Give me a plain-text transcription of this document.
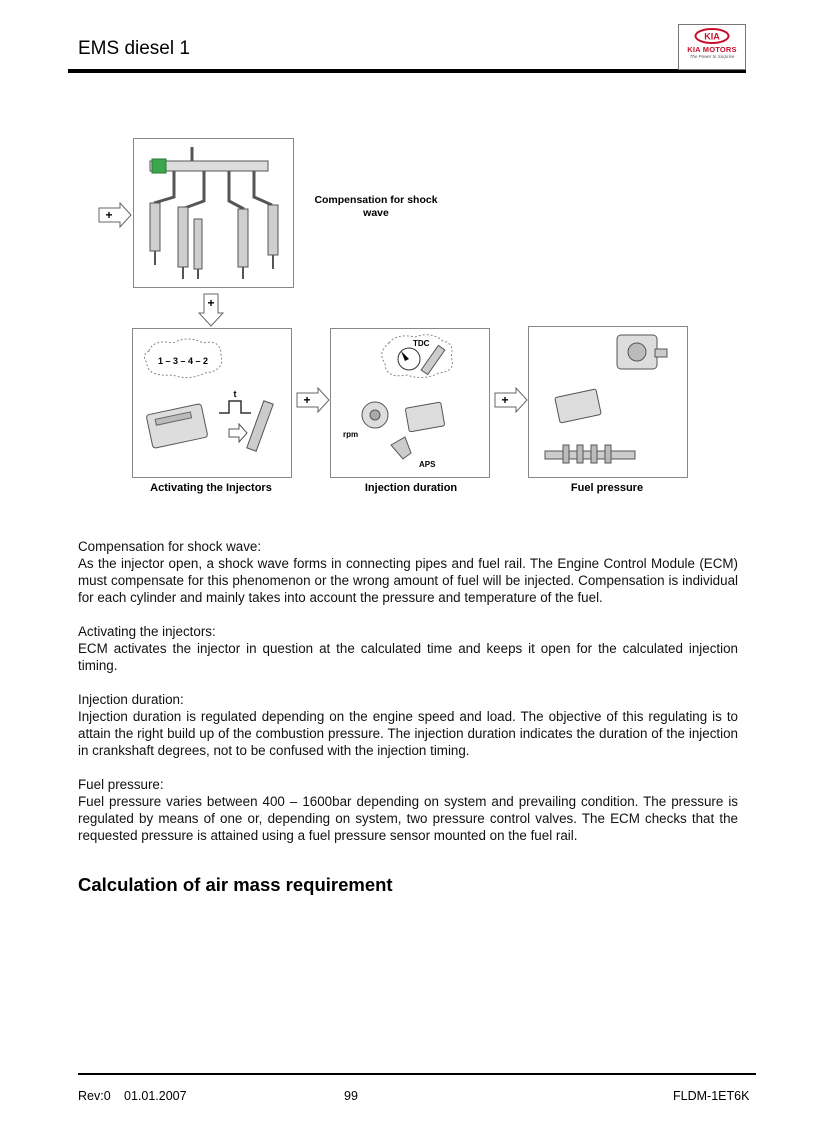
EMS diesel 1
KIA
KIA MOTORS
The Power to Surprise
Compensation for shock wave
+
+
+	+
1 – 3 – 4 – 2
t
Activating the Injectors
TDC
rpm
APS
Injection duration	Fuel pressure

Compensation for shock wave:

As the injector open, a shock wave forms in connecting pipes and fuel rail. The Engine Control Module (ECM) must compensate for this phenomenon or the wrong amount of fuel will be injected. Compensation is individual for each cylinder and mainly takes into account the pressure and temperature of the fuel.

Activating the injectors:

ECM activates the injector in question at the calculated time and keeps it open for the calculated injection timing.

Injection duration:

Injection duration is regulated depending on the engine speed and load. The objective of this regulating is to attain the right build up of the combustion pressure. The injection duration indicates the duration of the injection in crankshaft degrees, not to be confused with the injection timing.

Fuel pressure:

Fuel pressure varies between 400 – 1600bar depending on system and prevailing condition. The pressure is regulated by means of one or, depending on system, two pressure control valves. The ECM checks that the requested pressure is attained using a fuel pressure sensor mounted on the fuel rail.

Calculation of air mass requirement
Rev:0 01.01.2007	99	FLDM-1ET6K
